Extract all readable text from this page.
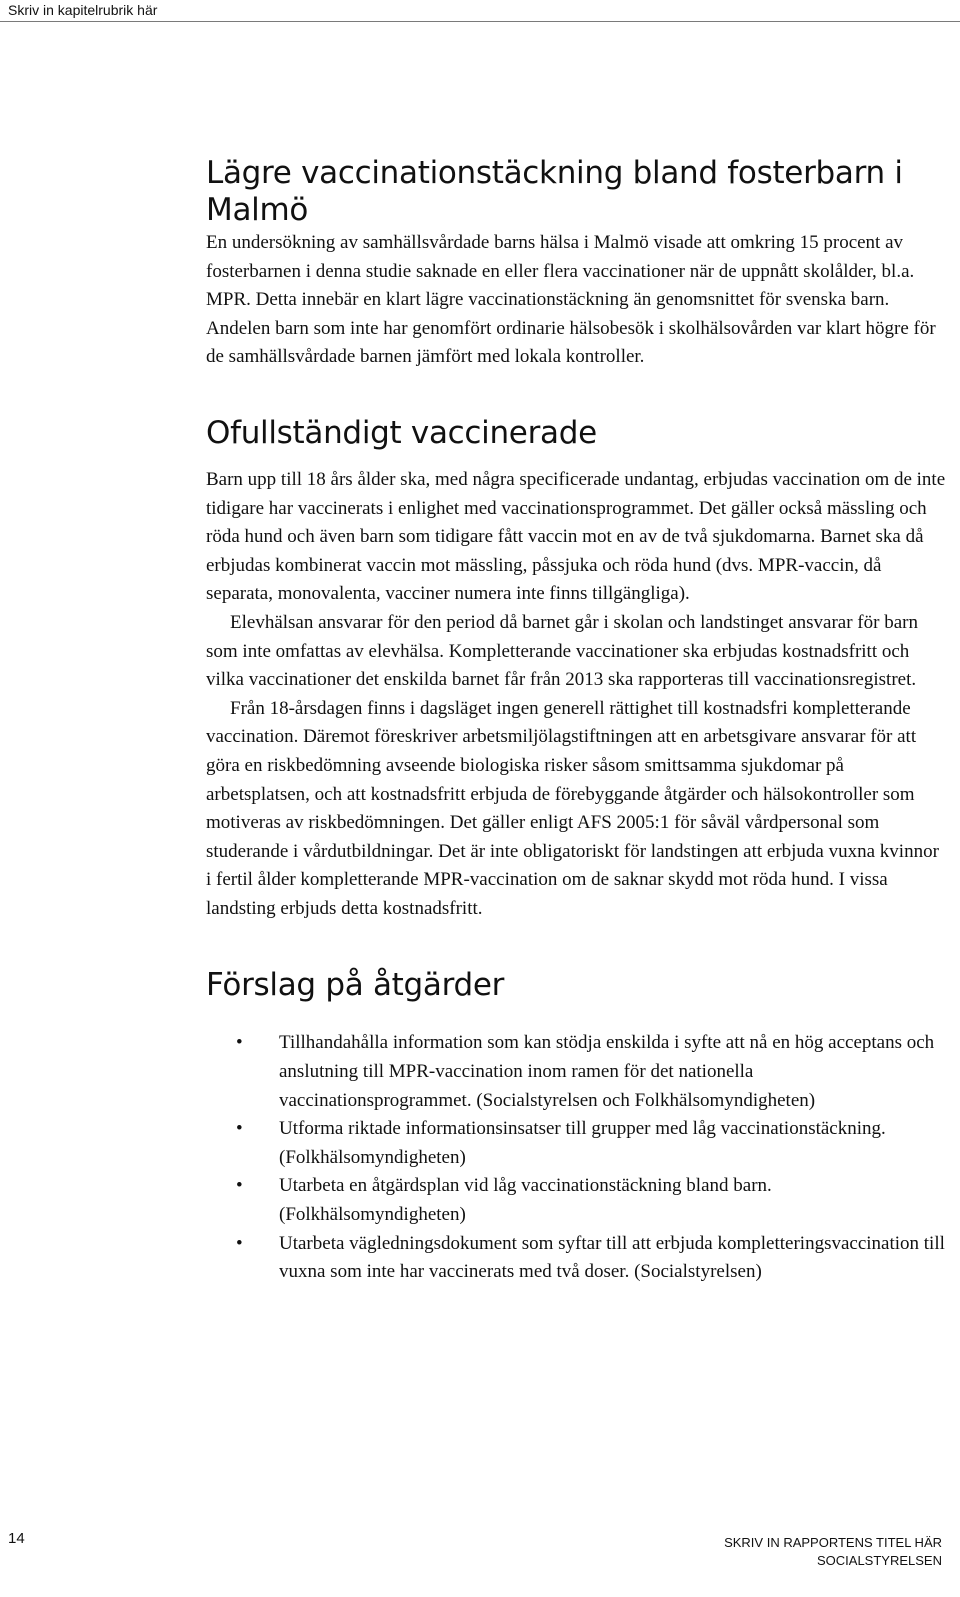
Skriv in kapitelrubrik här
Lägre vaccinationstäckning bland fosterbarn i Malmö

En undersökning av samhällsvårdade barns hälsa i Malmö visade att omkring 15 procent av fosterbarnen i denna studie saknade en eller flera vaccinationer när de uppnått skolålder, bl.a. MPR. Detta innebär en klart lägre vaccinationstäckning än genomsnittet för svenska barn. Andelen barn som inte har genomfört ordinarie hälsobesök i skolhälsovården var klart högre för de samhällsvårdade barnen jämfört med lokala kontroller.

Ofullständigt vaccinerade

Barn upp till 18 års ålder ska, med några specificerade undantag, erbjudas vaccination om de inte tidigare har vaccinerats i enlighet med vaccinationsprogrammet. Det gäller också mässling och röda hund och även barn som tidigare fått vaccin mot en av de två sjukdomarna. Barnet ska då erbjudas kombinerat vaccin mot mässling, påssjuka och röda hund (dvs. MPR-vaccin, då separata, monovalenta, vacciner numera inte finns tillgängliga).

Elevhälsan ansvarar för den period då barnet går i skolan och landstinget ansvarar för barn som inte omfattas av elevhälsa. Kompletterande vaccinationer ska erbjudas kostnadsfritt och vilka vaccinationer det enskilda barnet får från 2013 ska rapporteras till vaccinationsregistret.

Från 18-årsdagen finns i dagsläget ingen generell rättighet till kostnadsfri kompletterande vaccination. Däremot föreskriver arbetsmiljölagstiftningen att en arbetsgivare ansvarar för att göra en riskbedömning avseende biologiska risker såsom smittsamma sjukdomar på arbetsplatsen, och att kostnadsfritt erbjuda de förebyggande åtgärder och hälsokontroller som motiveras av riskbedömningen. Det gäller enligt AFS 2005:1 för såväl vårdpersonal som studerande i vårdutbildningar. Det är inte obligatoriskt för landstingen att erbjuda vuxna kvinnor i fertil ålder kompletterande MPR-vaccination om de saknar skydd mot röda hund. I vissa landsting erbjuds detta kostnadsfritt.

Förslag på åtgärder
• Tillhandahålla information som kan stödja enskilda i syfte att nå en hög acceptans och anslutning till MPR-vaccination inom ramen för det nationella vaccinationsprogrammet. (Socialstyrelsen och Folkhälsomyndigheten)
• Utforma riktade informationsinsatser till grupper med låg vaccinationstäckning. (Folkhälsomyndigheten)
• Utarbeta en åtgärdsplan vid låg vaccinationstäckning bland barn. (Folkhälsomyndigheten)
• Utarbeta vägledningsdokument som syftar till att erbjuda kompletteringsvaccination till vuxna som inte har vaccinerats med två doser. (Socialstyrelsen)
14	SKRIV IN RAPPORTENS TITEL HÄR
SOCIALSTYRELSEN
